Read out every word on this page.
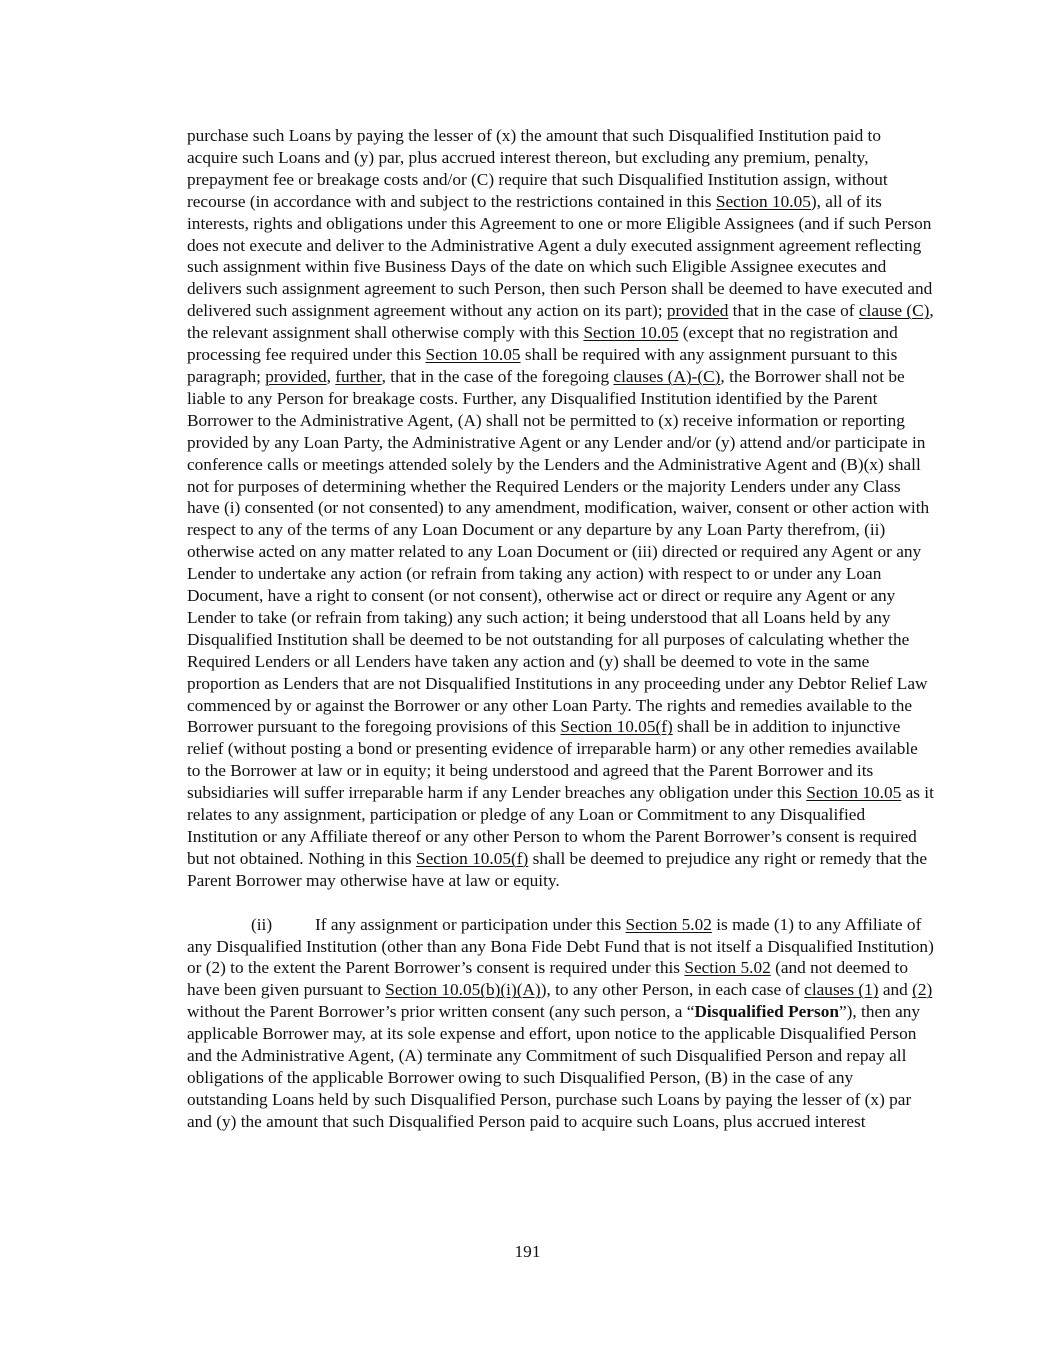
purchase such Loans by paying the lesser of (x) the amount that such Disqualified Institution paid to acquire such Loans and (y) par, plus accrued interest thereon, but excluding any premium, penalty, prepayment fee or breakage costs and/or (C) require that such Disqualified Institution assign, without recourse (in accordance with and subject to the restrictions contained in this Section 10.05), all of its interests, rights and obligations under this Agreement to one or more Eligible Assignees (and if such Person does not execute and deliver to the Administrative Agent a duly executed assignment agreement reflecting such assignment within five Business Days of the date on which such Eligible Assignee executes and delivers such assignment agreement to such Person, then such Person shall be deemed to have executed and delivered such assignment agreement without any action on its part); provided that in the case of clause (C), the relevant assignment shall otherwise comply with this Section 10.05 (except that no registration and processing fee required under this Section 10.05 shall be required with any assignment pursuant to this paragraph; provided, further, that in the case of the foregoing clauses (A)-(C), the Borrower shall not be liable to any Person for breakage costs. Further, any Disqualified Institution identified by the Parent Borrower to the Administrative Agent, (A) shall not be permitted to (x) receive information or reporting provided by any Loan Party, the Administrative Agent or any Lender and/or (y) attend and/or participate in conference calls or meetings attended solely by the Lenders and the Administrative Agent and (B)(x) shall not for purposes of determining whether the Required Lenders or the majority Lenders under any Class have (i) consented (or not consented) to any amendment, modification, waiver, consent or other action with respect to any of the terms of any Loan Document or any departure by any Loan Party therefrom, (ii) otherwise acted on any matter related to any Loan Document or (iii) directed or required any Agent or any Lender to undertake any action (or refrain from taking any action) with respect to or under any Loan Document, have a right to consent (or not consent), otherwise act or direct or require any Agent or any Lender to take (or refrain from taking) any such action; it being understood that all Loans held by any Disqualified Institution shall be deemed to be not outstanding for all purposes of calculating whether the Required Lenders or all Lenders have taken any action and (y) shall be deemed to vote in the same proportion as Lenders that are not Disqualified Institutions in any proceeding under any Debtor Relief Law commenced by or against the Borrower or any other Loan Party. The rights and remedies available to the Borrower pursuant to the foregoing provisions of this Section 10.05(f) shall be in addition to injunctive relief (without posting a bond or presenting evidence of irreparable harm) or any other remedies available to the Borrower at law or in equity; it being understood and agreed that the Parent Borrower and its subsidiaries will suffer irreparable harm if any Lender breaches any obligation under this Section 10.05 as it relates to any assignment, participation or pledge of any Loan or Commitment to any Disqualified Institution or any Affiliate thereof or any other Person to whom the Parent Borrower’s consent is required but not obtained. Nothing in this Section 10.05(f) shall be deemed to prejudice any right or remedy that the Parent Borrower may otherwise have at law or equity.

(ii) If any assignment or participation under this Section 5.02 is made (1) to any Affiliate of any Disqualified Institution (other than any Bona Fide Debt Fund that is not itself a Disqualified Institution) or (2) to the extent the Parent Borrower’s consent is required under this Section 5.02 (and not deemed to have been given pursuant to Section 10.05(b)(i)(A)), to any other Person, in each case of clauses (1) and (2) without the Parent Borrower’s prior written consent (any such person, a “Disqualified Person”), then any applicable Borrower may, at its sole expense and effort, upon notice to the applicable Disqualified Person and the Administrative Agent, (A) terminate any Commitment of such Disqualified Person and repay all obligations of the applicable Borrower owing to such Disqualified Person, (B) in the case of any outstanding Loans held by such Disqualified Person, purchase such Loans by paying the lesser of (x) par and (y) the amount that such Disqualified Person paid to acquire such Loans, plus accrued interest

191
